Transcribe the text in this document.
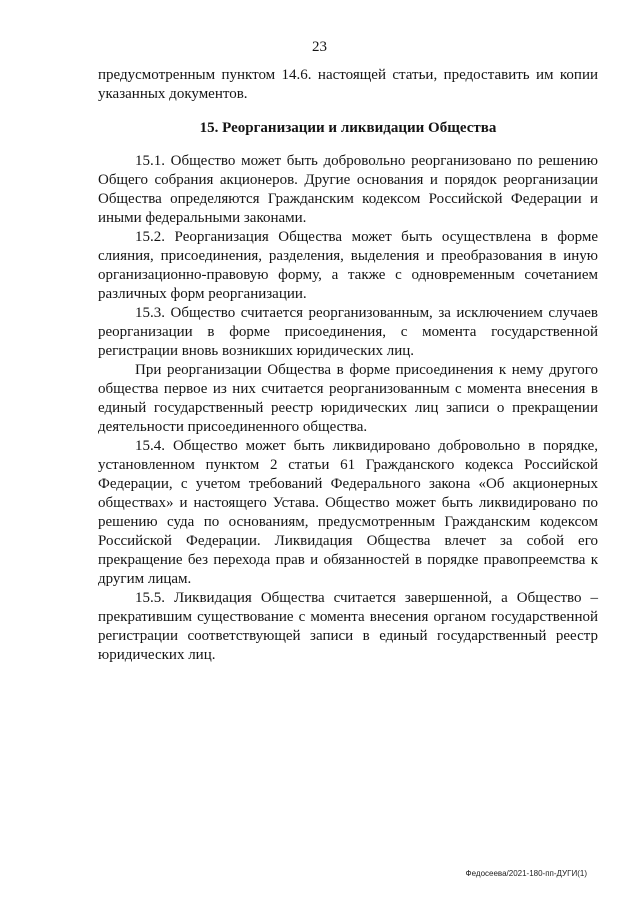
23

предусмотренным пунктом 14.6. настоящей статьи, предоставить им копии указанных документов.

15. Реорганизации и ликвидации Общества

15.1. Общество может быть добровольно реорганизовано по решению Общего собрания акционеров. Другие основания и порядок реорганизации Общества определяются Гражданским кодексом Российской Федерации и иными федеральными законами.

15.2. Реорганизация Общества может быть осуществлена в форме слияния, присоединения, разделения, выделения и преобразования в иную организационно-правовую форму, а также с одновременным сочетанием различных форм реорганизации.

15.3. Общество считается реорганизованным, за исключением случаев реорганизации в форме присоединения, с момента государственной регистрации вновь возникших юридических лиц.

При реорганизации Общества в форме присоединения к нему другого общества первое из них считается реорганизованным с момента внесения в единый государственный реестр юридических лиц записи о прекращении деятельности присоединенного общества.

15.4. Общество может быть ликвидировано добровольно в порядке, установленном пунктом 2 статьи 61 Гражданского кодекса Российской Федерации, с учетом требований Федерального закона «Об акционерных обществах» и настоящего Устава. Общество может быть ликвидировано по решению суда по основаниям, предусмотренным Гражданским кодексом Российской Федерации. Ликвидация Общества влечет за собой его прекращение без перехода прав и обязанностей в порядке правопреемства к другим лицам.

15.5. Ликвидация Общества считается завершенной, а Общество – прекратившим существование с момента внесения органом государственной регистрации соответствующей записи в единый государственный реестр юридических лиц.

Федосеева/2021-180-пп-ДУГИ(1)
